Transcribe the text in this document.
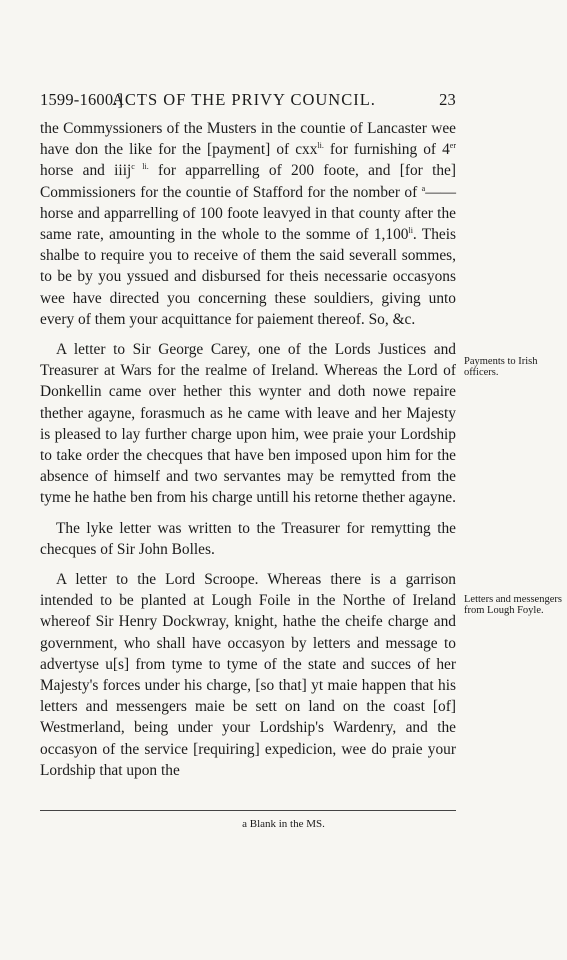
1599-1600.]
ACTS OF THE PRIVY COUNCIL.	23

the Commyssioners of the Musters in the countie of Lancaster wee have don the like for the [payment] of cxx$^{li.}$ for furnishing of 4er horse and iiij$^{c li.}$ for apparrelling of 200 foote, and [for the] Commissioners for the countie of Stafford for the nomber of $^a$—— horse and apparrelling of 100 foote leavyed in that county after the same rate, amounting in the whole to the somme of $1,100^{li}$. Theis shalbe to require you to receive of them the said severall sommes, to be by you yssued and disbursed for theis necessarie occasyons wee have directed you concerning these souldiers, giving unto every of them your acquittance for paiement thereof. So, &c.

A letter to Sir George Carey, one of the Lords Justices and Treasurer at Wars for the realme of Ireland. Whereas the Lord of Donkellin came over hether this wynter and doth nowe repaire thether agayne, forasmuch as he came with leave and her Majesty is pleased to lay further charge upon him, wee praie your Lordship to take order the checques that have ben imposed upon him for the absence of himself and two servantes may be remytted from the tyme he hathe ben from his charge untill his retorne thether agayne.

The lyke letter was written to the Treasurer for remytting the checques of Sir John Bolles.

A letter to the Lord Scroope. Whereas there is a garrison intended to be planted at Lough Foile in the Northe of Ireland whereof Sir Henry Dockwray, knight, hathe the cheife charge and government, who shall have occasyon by letters and message to advertyse u[s] from tyme to tyme of the state and succes of her Majesty's forces under his charge, [so that] yt maie happen that his letters and messengers maie be sett on land on the coast [of] Westmerland, being under your Lordship's Wardenry, and the occasyon of the service [requiring] expedicion, wee do praie your Lordship that upon the

Payments to Irish officers.
Letters and messengers from Lough Foyle.
a Blank in the MS.
